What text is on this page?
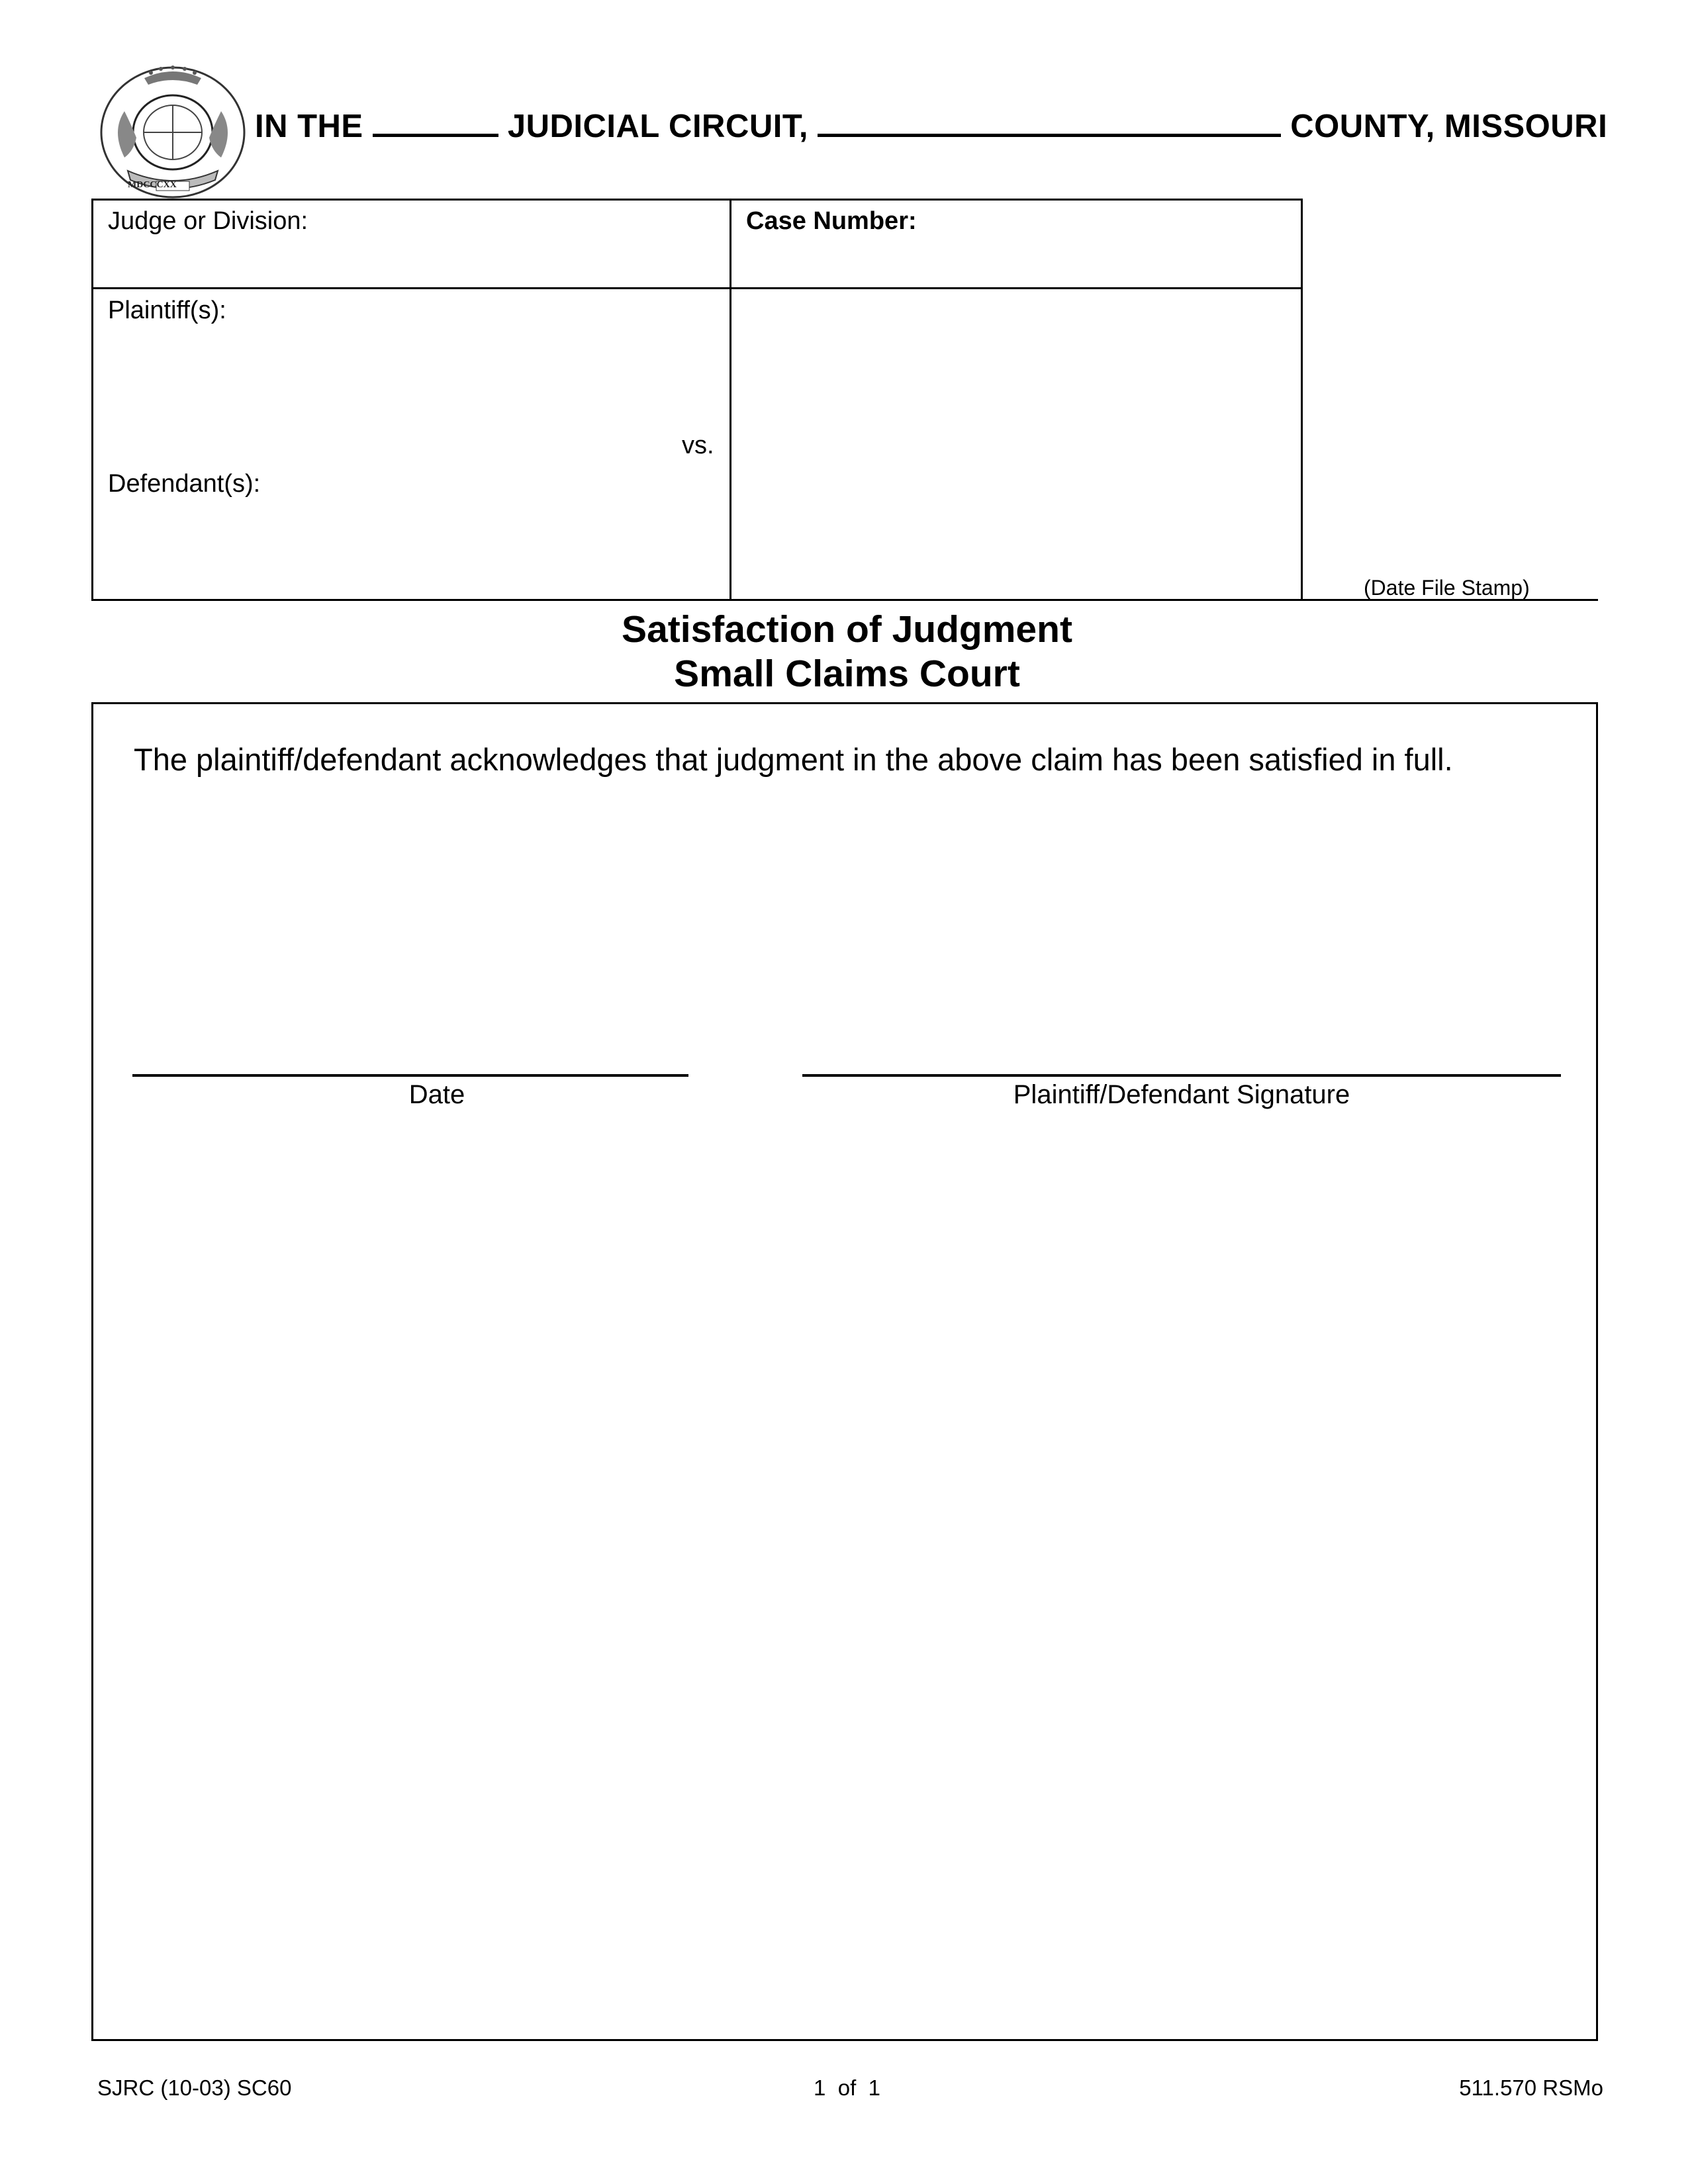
MDCCCXX
IN THE	JUDICIAL CIRCUIT,	COUNTY, MISSOURI
Judge or Division:	Case Number:
Plaintiff(s):
vs.
Defendant(s):
(Date File Stamp)
Satisfaction of Judgment
Small Claims Court
The plaintiff/defendant acknowledges that judgment in the above claim has been satisfied in full.
Date	Plaintiff/Defendant Signature
SJRC (10-03) SC60	1  of  1	511.570 RSMo
